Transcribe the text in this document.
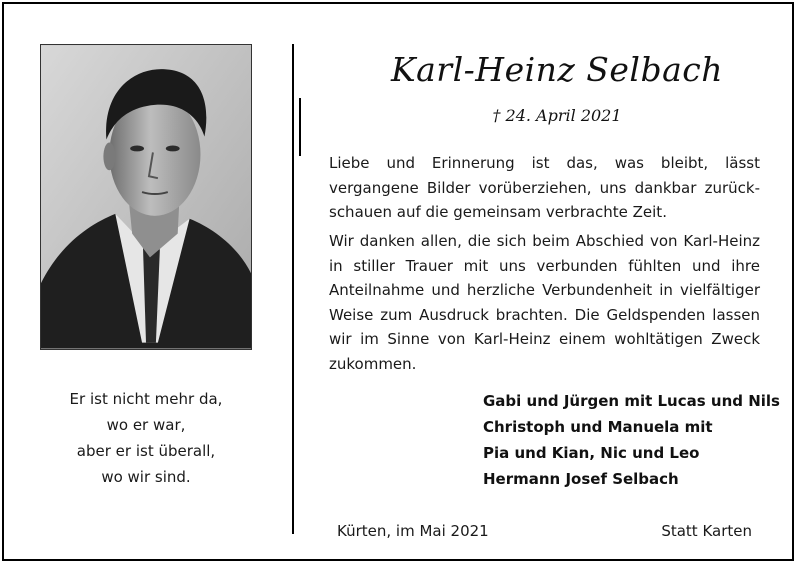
Er ist nicht mehr da,
wo er war,
aber er ist überall,
wo wir sind.
Karl-Heinz Selbach
† 24. April 2021

Liebe und Erinnerung ist das, was bleibt, lässt vergangene Bilder vorüberziehen, uns dankbar zurückschauen auf die gemeinsam verbrachte Zeit.

Wir danken allen, die sich beim Abschied von Karl-Heinz in stiller Trauer mit uns verbunden fühlten und ihre Anteilnahme und herzliche Verbundenheit in vielfältiger Weise zum Ausdruck brachten. Die Geldspenden lassen wir im Sinne von Karl-Heinz einem wohltätigen Zweck zukommen.

Gabi und Jürgen mit Lucas und Nils
Christoph und Manuela mit
Pia und Kian, Nic und Leo
Hermann Josef Selbach
Kürten, im Mai 2021	Statt Karten
